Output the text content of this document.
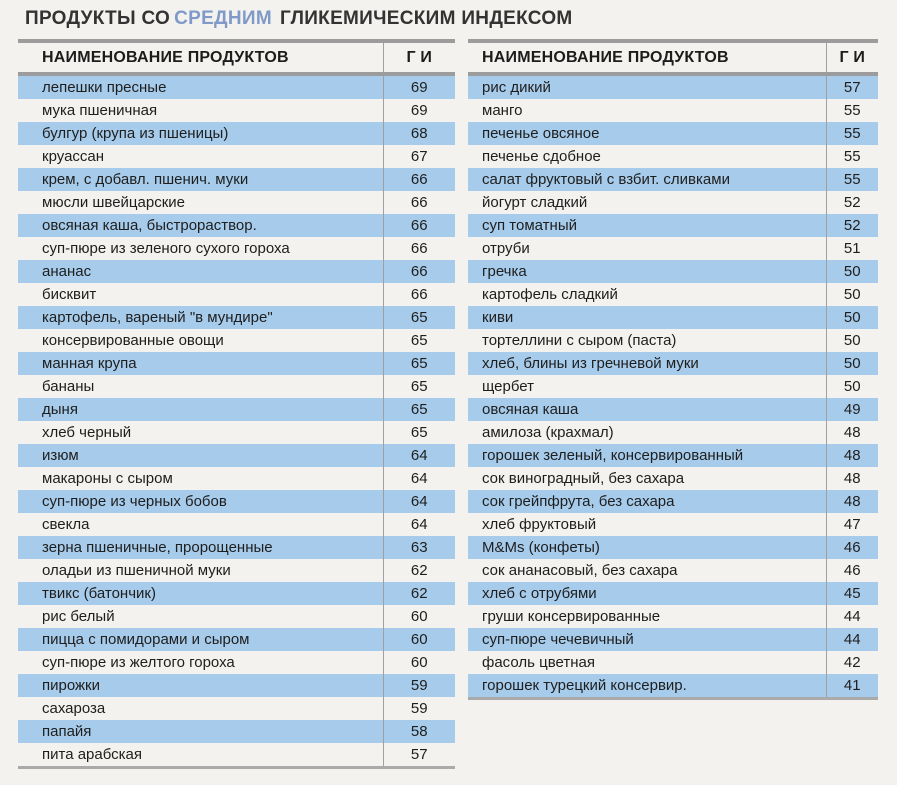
ПРОДУКТЫ СО СРЕДНИМ ГЛИКЕМИЧЕСКИМ ИНДЕКСОМ
НАИМЕНОВАНИЕ ПРОДУКТОВ	Г И
лепешки пресные	69
мука пшеничная	69
булгур (крупа из пшеницы)	68
круассан	67
крем, с добавл. пшенич. муки	66
мюсли швейцарские	66
овсяная каша, быстрораствор.	66
суп-пюре из зеленого сухого гороха	66
ананас	66
бисквит	66
картофель, вареный "в мундире"	65
консервированные овощи	65
манная крупа	65
бананы	65
дыня	65
хлеб черный	65
изюм	64
макароны с сыром	64
суп-пюре из черных бобов	64
свекла	64
зерна пшеничные, пророщенные	63
оладьи из пшеничной муки	62
твикс (батончик)	62
рис белый	60
пицца с помидорами и сыром	60
суп-пюре из желтого гороха	60
пирожки	59
сахароза	59
папайя	58
пита арабская	57
НАИМЕНОВАНИЕ ПРОДУКТОВ	Г И
рис дикий	57
манго	55
печенье овсяное	55
печенье сдобное	55
салат фруктовый с взбит. сливками	55
йогурт сладкий	52
суп томатный	52
отруби	51
гречка	50
картофель сладкий	50
киви	50
тортеллини с сыром (паста)	50
хлеб, блины из гречневой муки	50
щербет	50
овсяная каша	49
амилоза (крахмал)	48
горошек зеленый, консервированный	48
сок виноградный, без сахара	48
сок грейпфрута, без сахара	48
хлеб фруктовый	47
M&Ms (конфеты)	46
сок ананасовый, без сахара	46
хлеб с отрубями	45
груши консервированные	44
суп-пюре чечевичный	44
фасоль цветная	42
горошек турецкий консервир.	41
